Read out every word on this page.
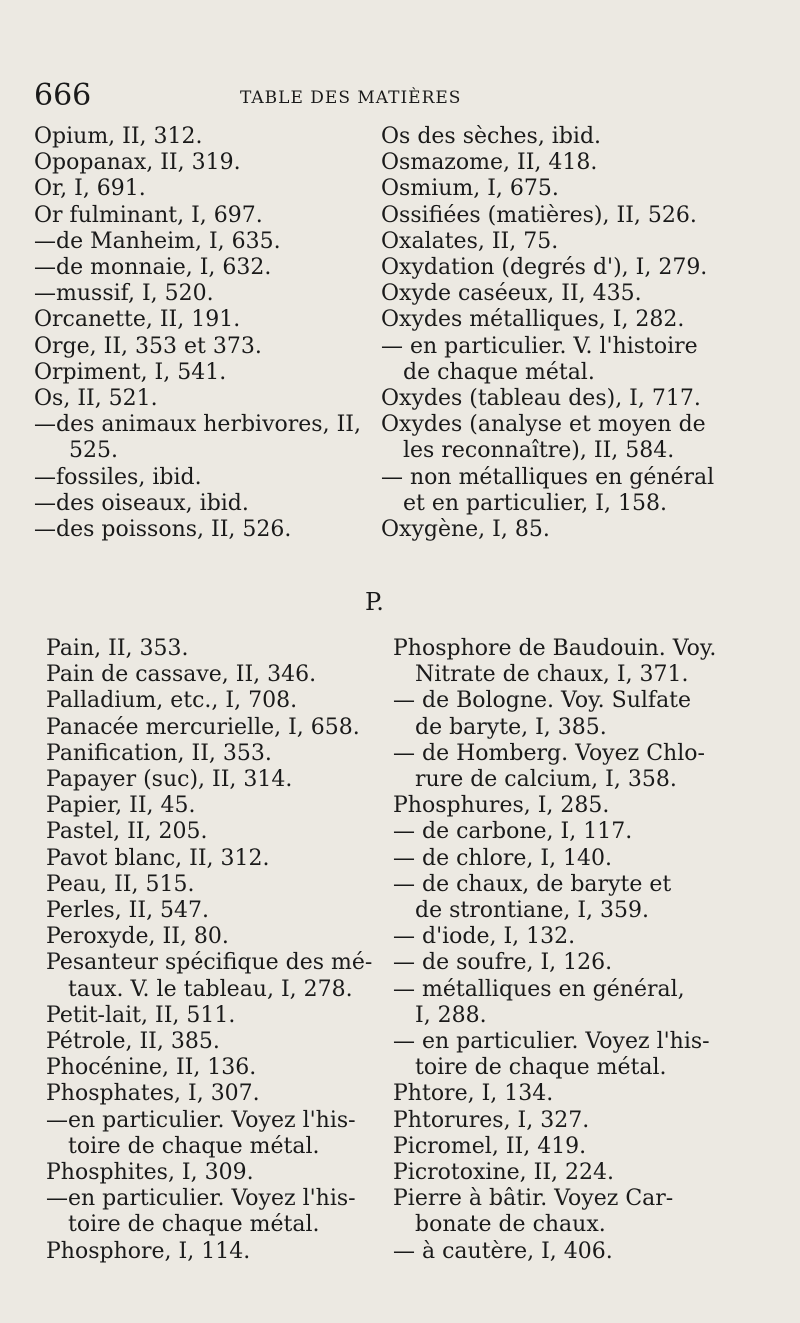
666	TABLE DES MATIÈRES
Opium, II, 312.
Opopanax, II, 319.
Or, I, 691.
Or fulminant, I, 697.
—de Manheim, I, 635.
—de monnaie, I, 632.
—mussif, I, 520.
Orcanette, II, 191.
Orge, II, 353 et 373.
Orpiment, I, 541.
Os, II, 521.
—des animaux herbivores, II,
525.
—fossiles, ibid.
—des oiseaux, ibid.
—des poissons, II, 526.
Os des sèches, ibid.
Osmazome, II, 418.
Osmium, I, 675.
Ossifiées (matières), II, 526.
Oxalates, II, 75.
Oxydation (degrés d'), I, 279.
Oxyde caséeux, II, 435.
Oxydes métalliques, I, 282.
— en particulier. V. l'histoire
de chaque métal.
Oxydes (tableau des), I, 717.
Oxydes (analyse et moyen de
les reconnaître), II, 584.
— non métalliques en général
et en particulier, I, 158.
Oxygène, I, 85.
P.
Pain, II, 353.
Pain de cassave, II, 346.
Palladium, etc., I, 708.
Panacée mercurielle, I, 658.
Panification, II, 353.
Papayer (suc), II, 314.
Papier, II, 45.
Pastel, II, 205.
Pavot blanc, II, 312.
Peau, II, 515.
Perles, II, 547.
Peroxyde, II, 80.
Pesanteur spécifique des mé-
taux. V. le tableau, I, 278.
Petit-lait, II, 511.
Pétrole, II, 385.
Phocénine, II, 136.
Phosphates, I, 307.
—en particulier. Voyez l'his-
toire de chaque métal.
Phosphites, I, 309.
—en particulier. Voyez l'his-
toire de chaque métal.
Phosphore, I, 114.
Phosphore de Baudouin. Voy.
Nitrate de chaux, I, 371.
— de Bologne. Voy. Sulfate
de baryte, I, 385.
— de Homberg. Voyez Chlo-
rure de calcium, I, 358.
Phosphures, I, 285.
— de carbone, I, 117.
— de chlore, I, 140.
— de chaux, de baryte et
de strontiane, I, 359.
— d'iode, I, 132.
— de soufre, I, 126.
— métalliques en général,
I, 288.
— en particulier. Voyez l'his-
toire de chaque métal.
Phtore, I, 134.
Phtorures, I, 327.
Picromel, II, 419.
Picrotoxine, II, 224.
Pierre à bâtir. Voyez Car-
bonate de chaux.
— à cautère, I, 406.
